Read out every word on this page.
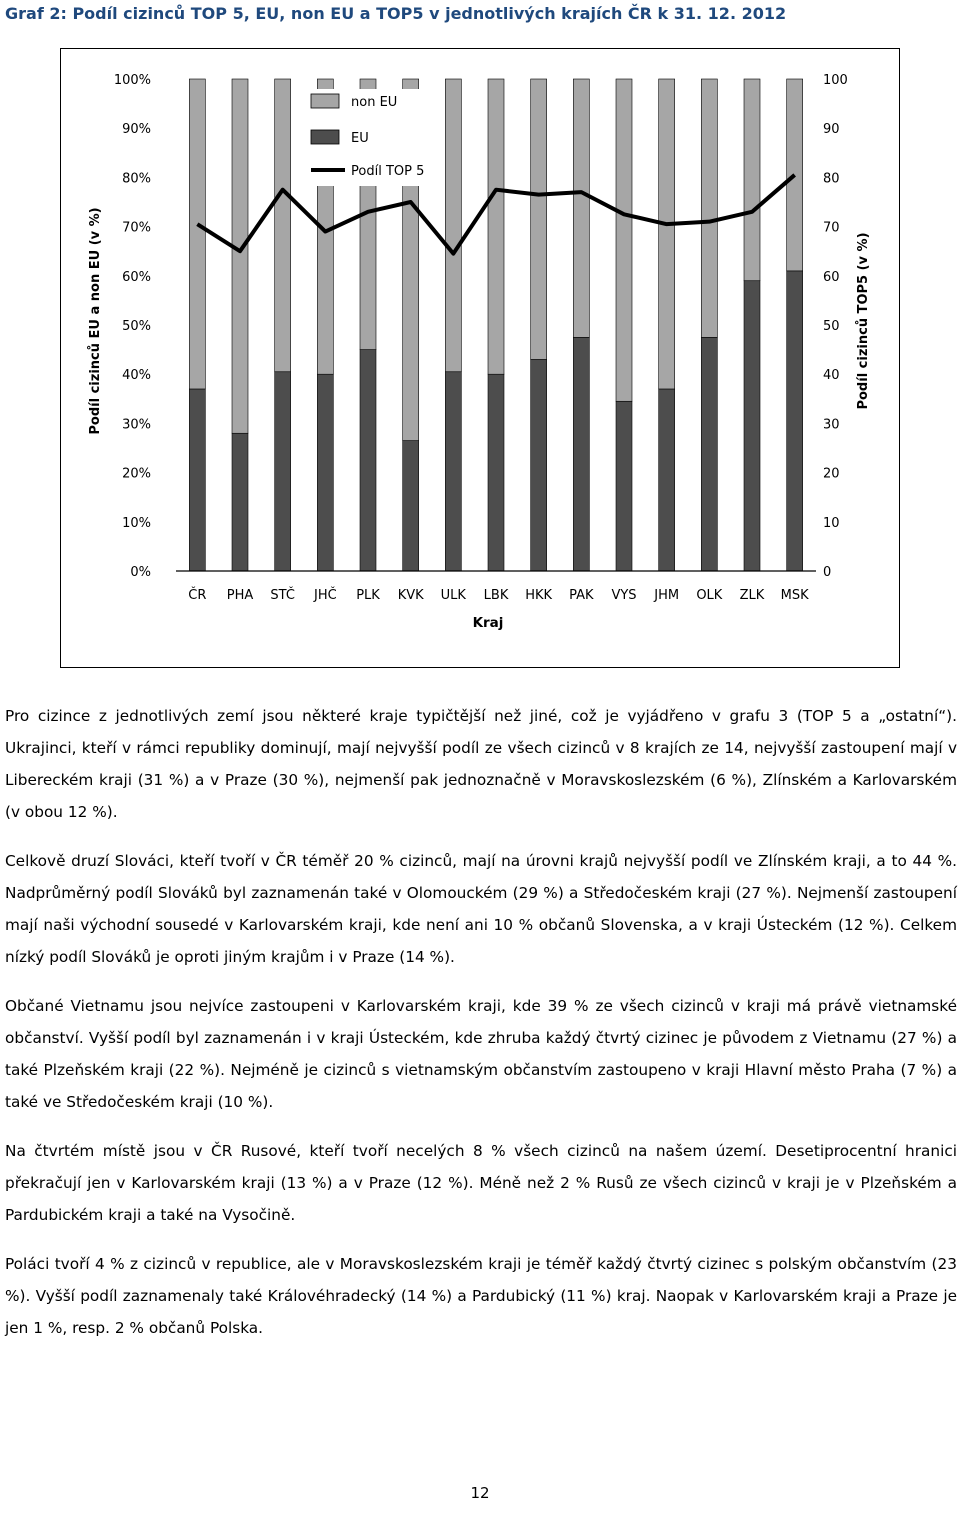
Graf 2: Podíl cizinců TOP 5, EU, non EU a TOP5 v jednotlivých krajích ČR k 31. 12. 2012
0%
10%
20%
30%
40%
50%
60%
70%
80%
90%
100%
0
10
20
30
40
50
60
70
80
90
100
ČR PHA STČ JHČ PLK KVK ULK LBK HKK PAK VYS JHM OLK ZLK MSK
Kraj
Podíl cizinců EU a non EU (v %)	Podíl cizinců TOP5 (v %)
non EU
EU
Podíl TOP 5

Pro cizince z jednotlivých zemí jsou některé kraje typičtější než jiné, což je vyjádřeno v grafu 3 (TOP 5 a „ostatní“). Ukrajinci, kteří v rámci republiky dominují, mají nejvyšší podíl ze všech cizinců v 8 krajích ze 14, nejvyšší zastoupení mají v Libereckém kraji (31 %) a v Praze (30 %), nejmenší pak jednoznačně v Moravskoslezském (6 %), Zlínském a Karlovarském (v obou 12 %).

Celkově druzí Slováci, kteří tvoří v ČR téměř 20 % cizinců, mají na úrovni krajů nejvyšší podíl ve Zlínském kraji, a to 44 %. Nadprůměrný podíl Slováků byl zaznamenán také v Olomouckém (29 %) a Středočeském kraji (27 %). Nejmenší zastoupení mají naši východní sousedé v Karlovarském kraji, kde není ani 10 % občanů Slovenska, a v kraji Ústeckém (12 %). Celkem nízký podíl Slováků je oproti jiným krajům i v Praze (14 %).

Občané Vietnamu jsou nejvíce zastoupeni v Karlovarském kraji, kde 39 % ze všech cizinců v kraji má právě vietnamské občanství. Vyšší podíl byl zaznamenán i v kraji Ústeckém, kde zhruba každý čtvrtý cizinec je původem z Vietnamu (27 %) a také Plzeňském kraji (22 %). Nejméně je cizinců s vietnamským občanstvím zastoupeno v kraji Hlavní město Praha (7 %) a také ve Středočeském kraji (10 %).

Na čtvrtém místě jsou v ČR Rusové, kteří tvoří necelých 8 % všech cizinců na našem území. Desetiprocentní hranici překračují jen v Karlovarském kraji (13 %) a v Praze (12 %). Méně než 2 % Rusů ze všech cizinců v kraji je v Plzeňském a Pardubickém kraji a také na Vysočině.

Poláci tvoří 4 % z cizinců v republice, ale v Moravskoslezském kraji je téměř každý čtvrtý cizinec s polským občanstvím (23 %). Vyšší podíl zaznamenaly také Královéhradecký (14 %) a Pardubický (11 %) kraj. Naopak v Karlovarském kraji a Praze je jen 1 %, resp. 2 % občanů Polska.

12
